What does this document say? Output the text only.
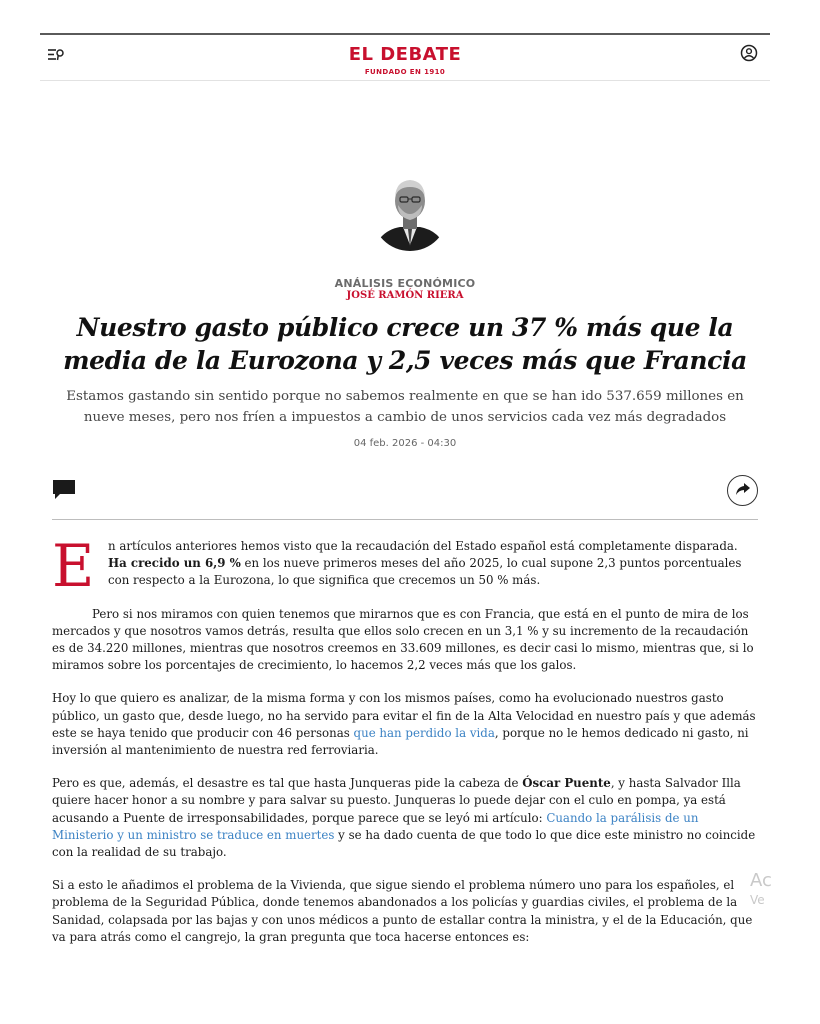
EL DEBATE
FUNDADO EN 1910
ANÁLISIS ECONÓMICO
JOSÉ RAMÓN RIERA
Nuestro gasto público crece un 37 % más que la media de la Eurozona y 2,5 veces más que Francia
Estamos gastando sin sentido porque no sabemos realmente en que se han ido 537.659 millones en nueve meses, pero nos fríen a impuestos a cambio de unos servicios cada vez más degradados
04 feb. 2026 - 04:30

E n artículos anteriores hemos visto que la recaudación del Estado español está completamente disparada. Ha crecido un 6,9 % en los nueve primeros meses del año 2025, lo cual supone 2,3 puntos porcentuales con respecto a la Eurozona, lo que significa que crecemos un 50 % más.

Pero si nos miramos con quien tenemos que mirarnos que es con Francia, que está en el punto de mira de los mercados y que nosotros vamos detrás, resulta que ellos solo crecen en un 3,1 % y su incremento de la recaudación es de 34.220 millones, mientras que nosotros creemos en 33.609 millones, es decir casi lo mismo, mientras que, si lo miramos sobre los porcentajes de crecimiento, lo hacemos 2,2 veces más que los galos.

Hoy lo que quiero es analizar, de la misma forma y con los mismos países, como ha evolucionado nuestros gasto público, un gasto que, desde luego, no ha servido para evitar el fin de la Alta Velocidad en nuestro país y que además este se haya tenido que producir con 46 personas que han perdido la vida, porque no le hemos dedicado ni gasto, ni inversión al mantenimiento de nuestra red ferroviaria.

Pero es que, además, el desastre es tal que hasta Junqueras pide la cabeza de Óscar Puente, y hasta Salvador Illa quiere hacer honor a su nombre y para salvar su puesto. Junqueras lo puede dejar con el culo en pompa, ya está acusando a Puente de irresponsabilidades, porque parece que se leyó mi artículo: Cuando la parálisis de un Ministerio y un ministro se traduce en muertes y se ha dado cuenta de que todo lo que dice este ministro no coincide con la realidad de su trabajo.

Si a esto le añadimos el problema de la Vivienda, que sigue siendo el problema número uno para los españoles, el problema de la Seguridad Pública, donde tenemos abandonados a los policías y guardias civiles, el problema de la Sanidad, colapsada por las bajas y con unos médicos a punto de estallar contra la ministra, y el de la Educación, que va para atrás como el cangrejo, la gran pregunta que toca hacerse entonces es:

Ac
Ve
